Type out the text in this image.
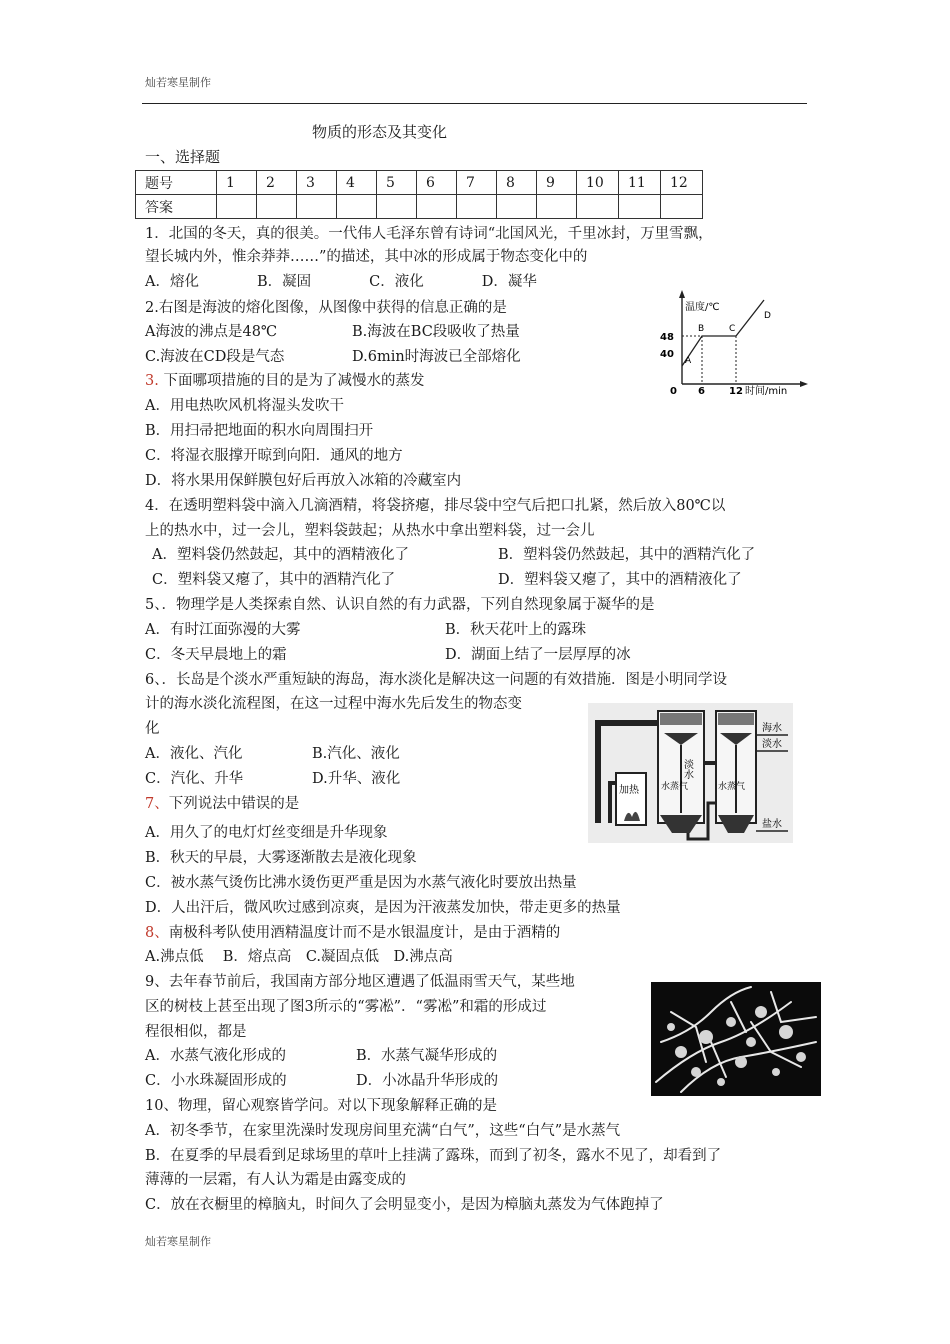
灿若寒星制作
物质的形态及其变化
一、选择题
题号	1	2	3	4	5	6	7	8	9	10	11	12
答案												
1．北国的冬天，真的很美。一代伟人毛泽东曾有诗词“北国风光，千里冰封，万里雪飘，
望长城内外，惟余莽莽……”的描述，其中冰的形成属于物态变化中的
A．熔化　　　　B．凝固　　　　C．液化　　　　D．凝华
2.右图是海波的熔化图像，从图像中获得的信息正确的是
A海波的沸点是48℃	B.海波在BC段吸收了热量
C.海波在CD段是气态	D.6min时海波已全部熔化
温度/℃
48
40
0 6 12 时间/min
A
B	C
D
3. 下面哪项措施的目的是为了减慢水的蒸发
A．用电热吹风机将湿头发吹干
B．用扫帚把地面的积水向周围扫开
C．将湿衣服撑开晾到向阳．通风的地方
D．将水果用保鲜膜包好后再放入冰箱的冷藏室内
4．在透明塑料袋中滴入几滴酒精，将袋挤瘪，排尽袋中空气后把口扎紧，然后放入80℃以
上的热水中，过一会儿，塑料袋鼓起；从热水中拿出塑料袋，过一会儿
A．塑料袋仍然鼓起，其中的酒精液化了	B．塑料袋仍然鼓起，其中的酒精汽化了
C．塑料袋又瘪了，其中的酒精汽化了	D．塑料袋又瘪了，其中的酒精液化了
5、．物理学是人类探索自然、认识自然的有力武器，下列自然现象属于凝华的是
A．有时江面弥漫的大雾	B．秋天花叶上的露珠
C．冬天早晨地上的霜	D．湖面上结了一层厚厚的冰
6、．长岛是个淡水严重短缺的海岛，海水淡化是解决这一问题的有效措施．图是小明同学设
计的海水淡化流程图，在这一过程中海水先后发生的物态变
化
A．液化、汽化	B.汽化、液化
C．汽化、升华	D.升华、液化
加热
淡水
水蒸气	水蒸气
海水
淡水
盐水
7、下列说法中错误的是
A．用久了的电灯灯丝变细是升华现象
B．秋天的早晨，大雾逐渐散去是液化现象
C．被水蒸气烫伤比沸水烫伤更严重是因为水蒸气液化时要放出热量
D．人出汗后，微风吹过感到凉爽，是因为汗液蒸发加快，带走更多的热量
8、南极科考队使用酒精温度计而不是水银温度计，是由于酒精的
A.沸点低　 B．熔点高　C.凝固点低　D.沸点高
9、去年春节前后，我国南方部分地区遭遇了低温雨雪天气，某些地
区的树枝上甚至出现了图3所示的“雾凇”．“雾凇”和霜的形成过
程很相似，都是
A．水蒸气液化形成的	B．水蒸气凝华形成的
C．小水珠凝固形成的	D．小冰晶升华形成的
10、物理，留心观察皆学问。对以下现象解释正确的是
A．初冬季节，在家里洗澡时发现房间里充满“白气”，这些“白气”是水蒸气
B．在夏季的早晨看到足球场里的草叶上挂满了露珠，而到了初冬，露水不见了，却看到了
薄薄的一层霜，有人认为霜是由露变成的
C．放在衣橱里的樟脑丸，时间久了会明显变小，是因为樟脑丸蒸发为气体跑掉了
灿若寒星制作
